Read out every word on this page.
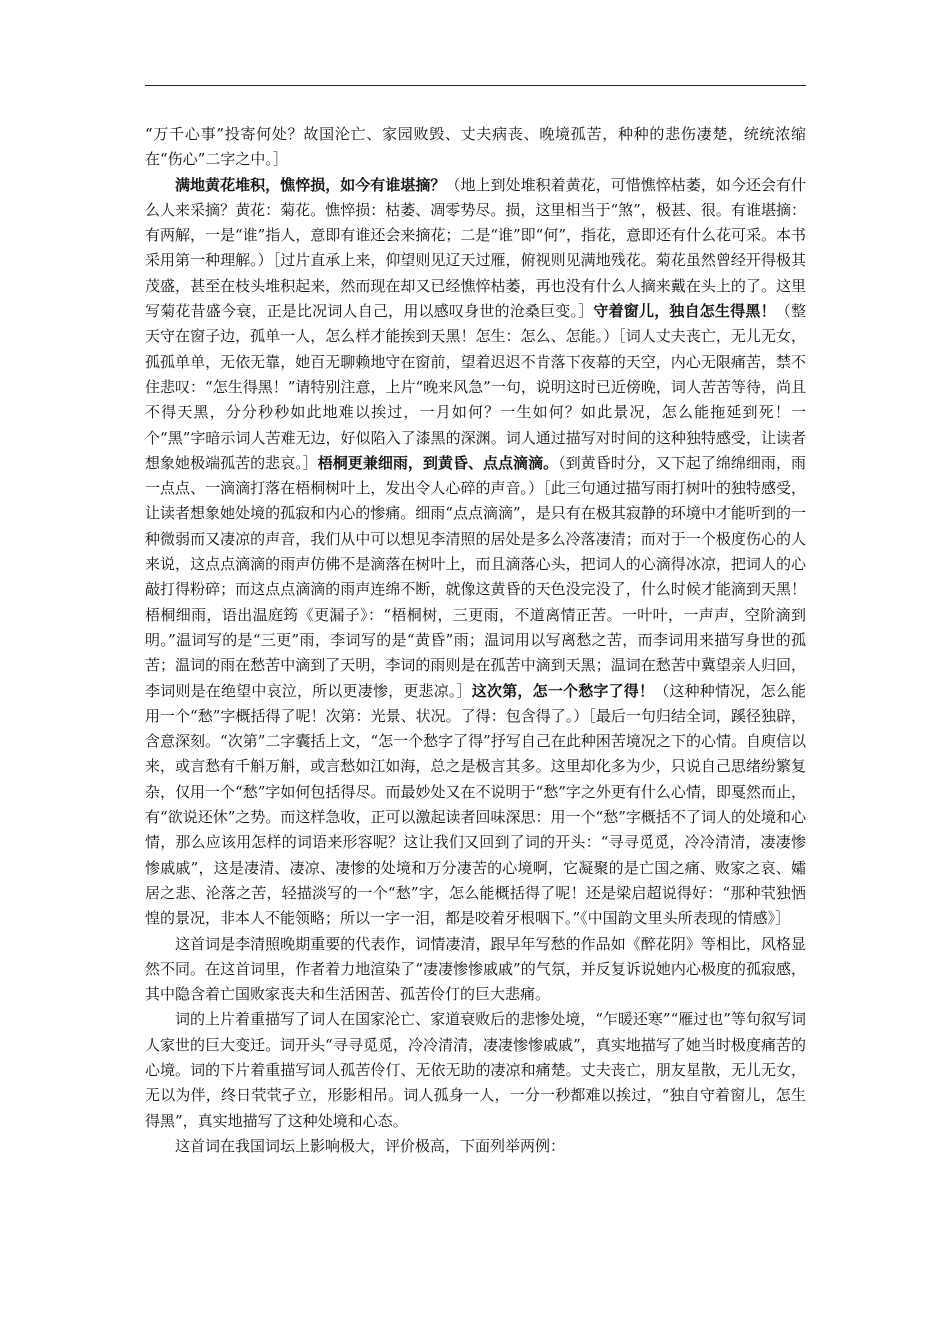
“万千心事”投寄何处？故国沦亡、家园败毁、丈夫病丧、晚境孤苦，种种的悲伤凄楚，统统浓缩在“伤心”二字之中。］

满地黄花堆积，憔悴损，如今有谁堪摘？（地上到处堆积着黄花，可惜憔悴枯萎，如今还会有什么人来采摘？黄花：菊花。憔悴损：枯萎、凋零势尽。损，这里相当于“煞”，极甚、很。有谁堪摘：有两解，一是“谁”指人，意即有谁还会来摘花；二是“谁”即“何”，指花，意即还有什么花可采。本书采用第一种理解。）［过片直承上来，仰望则见辽天过雁，俯视则见满地残花。菊花虽然曾经开得极其茂盛，甚至在枝头堆积起来，然而现在却又已经憔悴枯萎，再也没有什么人摘来戴在头上的了。这里写菊花昔盛今衰，正是比况词人自己，用以感叹身世的沧桑巨变。］守着窗儿，独自怎生得黑！（整天守在窗子边，孤单一人，怎么样才能挨到天黑！怎生：怎么、怎能。）［词人丈夫丧亡，无儿无女，孤孤单单，无依无靠，她百无聊赖地守在窗前，望着迟迟不肯落下夜幕的天空，内心无限痛苦，禁不住悲叹：“怎生得黑！”请特别注意，上片“晚来风急”一句，说明这时已近傍晚，词人苦苦等待，尚且不得天黑，分分秒秒如此地难以挨过，一月如何？一生如何？如此景况，怎么能拖延到死！一个“黑”字暗示词人苦难无边，好似陷入了漆黑的深渊。词人通过描写对时间的这种独特感受，让读者想象她极端孤苦的悲哀。］梧桐更兼细雨，到黄昏、点点滴滴。（到黄昏时分，又下起了绵绵细雨，雨一点点、一滴滴打落在梧桐树叶上，发出令人心碎的声音。）［此三句通过描写雨打树叶的独特感受，让读者想象她处境的孤寂和内心的惨痛。细雨“点点滴滴”，是只有在极其寂静的环境中才能听到的一种微弱而又凄凉的声音，我们从中可以想见李清照的居处是多么冷落凄清；而对于一个极度伤心的人来说，这点点滴滴的雨声仿佛不是滴落在树叶上，而且滴落心头，把词人的心滴得冰凉，把词人的心敲打得粉碎；而这点点滴滴的雨声连绵不断，就像这黄昏的天色没完没了，什么时候才能滴到天黑！梧桐细雨，语出温庭筠《更漏子》：“梧桐树，三更雨，不道离情正苦。一叶叶，一声声，空阶滴到明。”温词写的是“三更”雨，李词写的是“黄昏”雨；温词用以写离愁之苦，而李词用来描写身世的孤苦；温词的雨在愁苦中滴到了天明，李词的雨则是在孤苦中滴到天黑；温词在愁苦中冀望亲人归回，李词则是在绝望中哀泣，所以更凄惨，更悲凉。］这次第，怎一个愁字了得！（这种种情况，怎么能用一个“愁”字概括得了呢！次第：光景、状况。了得：包含得了。）［最后一句归结全词，蹊径独辟，含意深刻。“次第”二字囊括上文，“怎一个愁字了得”抒写自己在此种困苦境况之下的心情。自庾信以来，或言愁有千斛万斛，或言愁如江如海，总之是极言其多。这里却化多为少，只说自己思绪纷繁复杂，仅用一个“愁”字如何包括得尽。而最妙处又在不说明于“愁”字之外更有什么心情，即戛然而止，有“欲说还休”之势。而这样急收，正可以激起读者回味深思：用一个“愁”字概括不了词人的处境和心情，那么应该用怎样的词语来形容呢？这让我们又回到了词的开头：“寻寻觅觅，冷冷清清，凄凄惨惨戚戚”，这是凄清、凄凉、凄惨的处境和万分凄苦的心境啊，它凝聚的是亡国之痛、败家之哀、孀居之悲、沦落之苦，轻描淡写的一个“愁”字，怎么能概括得了呢！还是梁启超说得好：“那种茕独恓惶的景况，非本人不能领略；所以一字一泪，都是咬着牙根咽下。”《中国韵文里头所表现的情感》］

这首词是李清照晚期重要的代表作，词情凄清，跟早年写愁的作品如《醉花阴》等相比，风格显然不同。在这首词里，作者着力地渲染了“凄凄惨惨戚戚”的气氛，并反复诉说她内心极度的孤寂感，其中隐含着亡国败家丧夫和生活困苦、孤苦伶仃的巨大悲痛。

词的上片着重描写了词人在国家沦亡、家道衰败后的悲惨处境，“乍暖还寒”“雁过也”等句叙写词人家世的巨大变迁。词开头“寻寻觅觅，冷冷清清，凄凄惨惨戚戚”，真实地描写了她当时极度痛苦的心境。词的下片着重描写词人孤苦伶仃、无依无助的凄凉和痛楚。丈夫丧亡，朋友星散，无儿无女，无以为伴，终日茕茕孑立，形影相吊。词人孤身一人，一分一秒都难以挨过，“独自守着窗儿，怎生得黑”，真实地描写了这种处境和心态。

这首词在我国词坛上影响极大，评价极高，下面列举两例：
